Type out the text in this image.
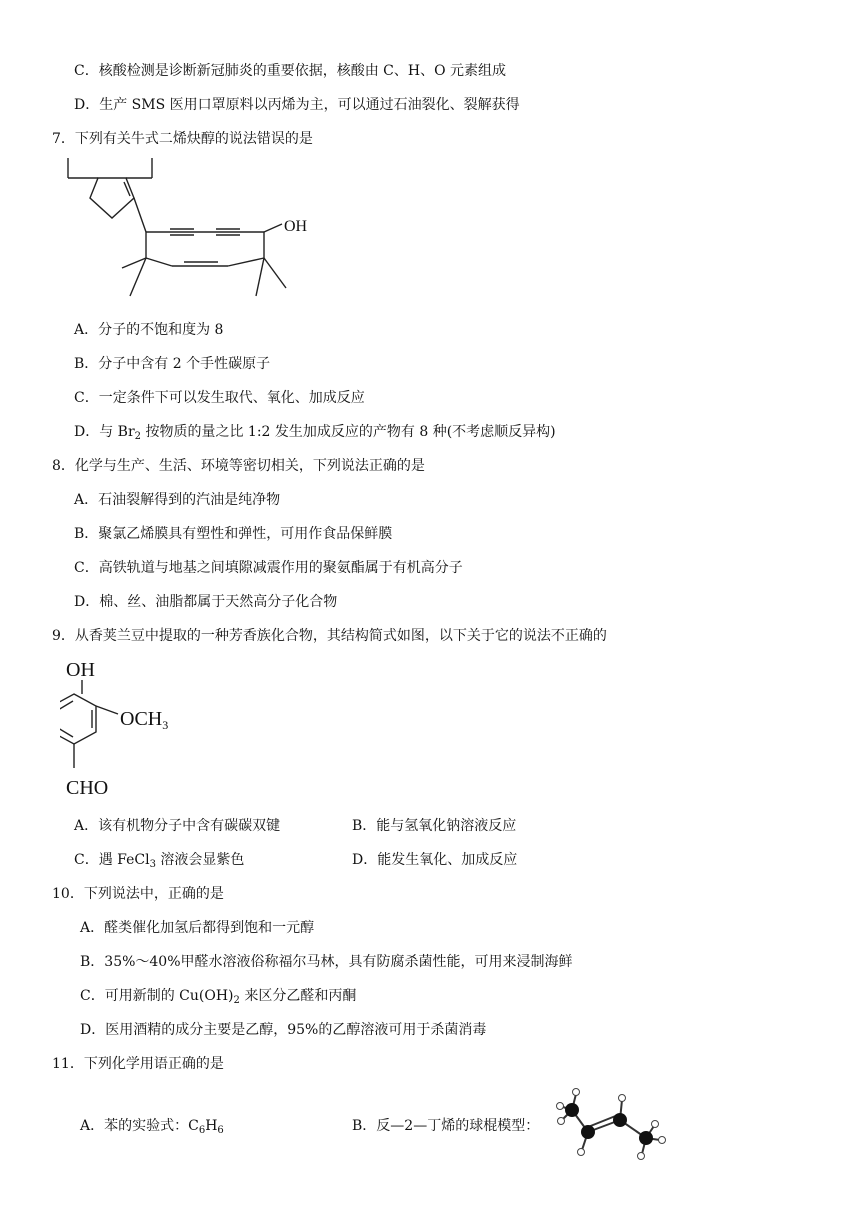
C．核酸检测是诊断新冠肺炎的重要依据，核酸由 C、H、O 元素组成
D．生产 SMS 医用口罩原料以丙烯为主，可以通过石油裂化、裂解获得
7．下列有关牛式二烯炔醇的说法错误的是
OH
A．分子的不饱和度为 8
B．分子中含有 2 个手性碳原子
C．一定条件下可以发生取代、氧化、加成反应
D．与 $Br_2$ 按物质的量之比 1:2 发生加成反应的产物有 8 种(不考虑顺反异构)
8．化学与生产、生活、环境等密切相关，下列说法正确的是
A．石油裂解得到的汽油是纯净物
B．聚氯乙烯膜具有塑性和弹性，可用作食品保鲜膜
C．高铁轨道与地基之间填隙减震作用的聚氨酯属于有机高分子
D．棉、丝、油脂都属于天然高分子化合物
9．从香荚兰豆中提取的一种芳香族化合物，其结构简式如图，以下关于它的说法不正确的
OH
$OCH_3$
CHO
A．该有机物分子中含有碳碳双键	B．能与氢氧化钠溶液反应
C．遇 FeCl$_3$ 溶液会显紫色	D．能发生氧化、加成反应
10．下列说法中，正确的是
A．醛类催化加氢后都得到饱和一元醇
B．35%～40%甲醛水溶液俗称福尔马林，具有防腐杀菌性能，可用来浸制海鲜
C．可用新制的 $Cu(OH)_2$ 来区分乙醛和丙酮
D．医用酒精的成分主要是乙醇，95%的乙醇溶液可用于杀菌消毒
11．下列化学用语正确的是
A．苯的实验式：$C_6H_6$	B．反—2—丁烯的球棍模型：
